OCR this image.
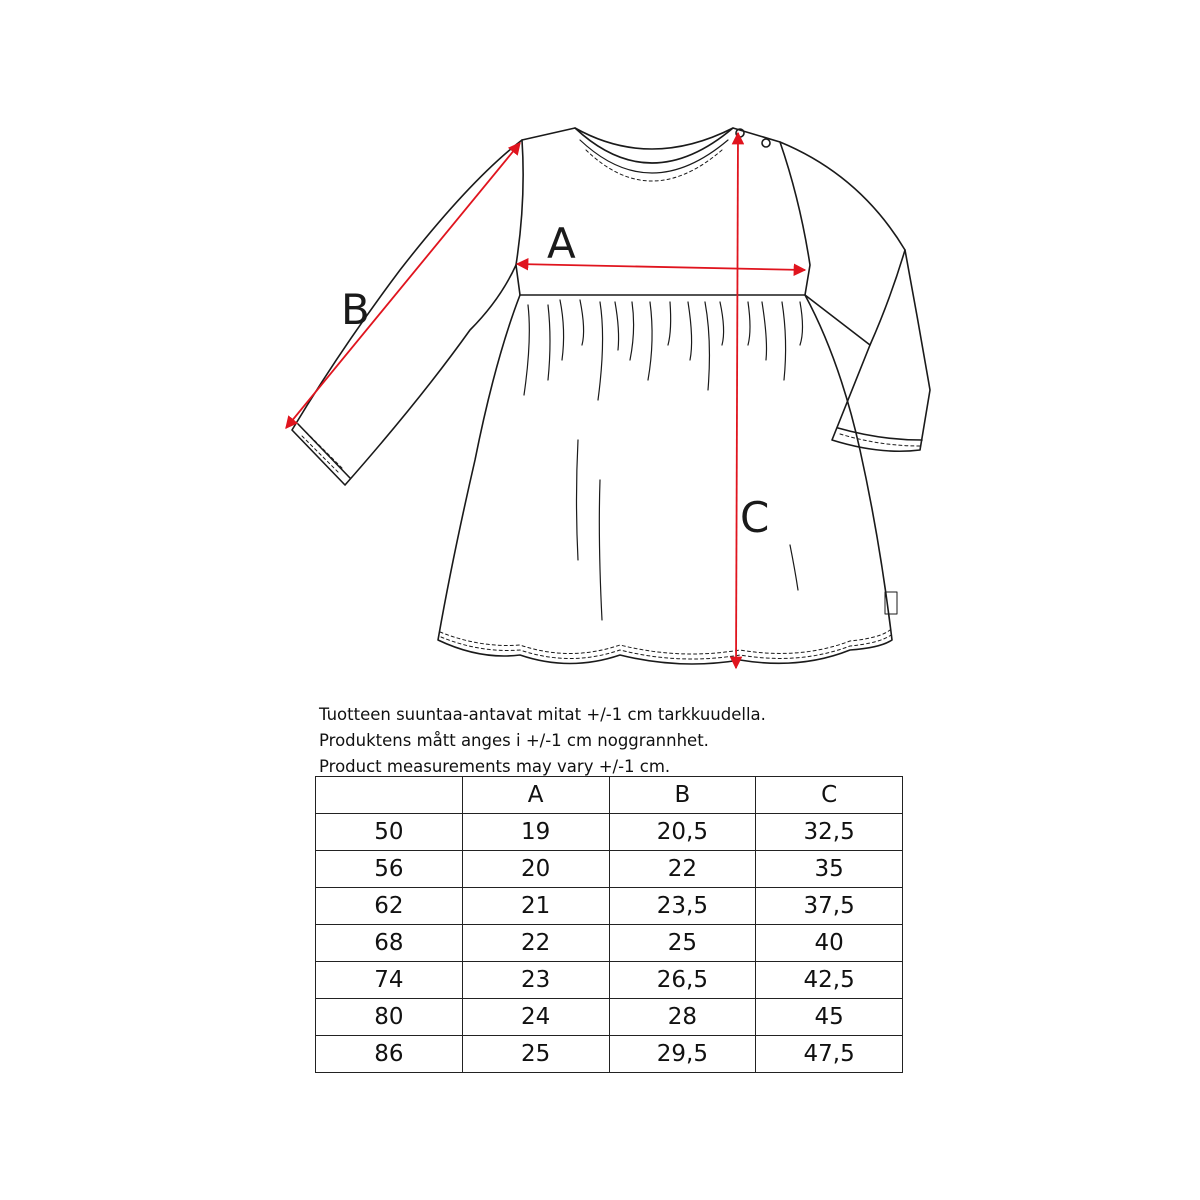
A
B
C
Tuotteen suuntaa-antavat mitat +/-1 cm tarkkuudella.
Produktens mått anges i +/-1 cm noggrannhet.
Product measurements may vary +/-1 cm.
	A	B	C
50	19	20,5	32,5
56	20	22	35
62	21	23,5	37,5
68	22	25	40
74	23	26,5	42,5
80	24	28	45
86	25	29,5	47,5
